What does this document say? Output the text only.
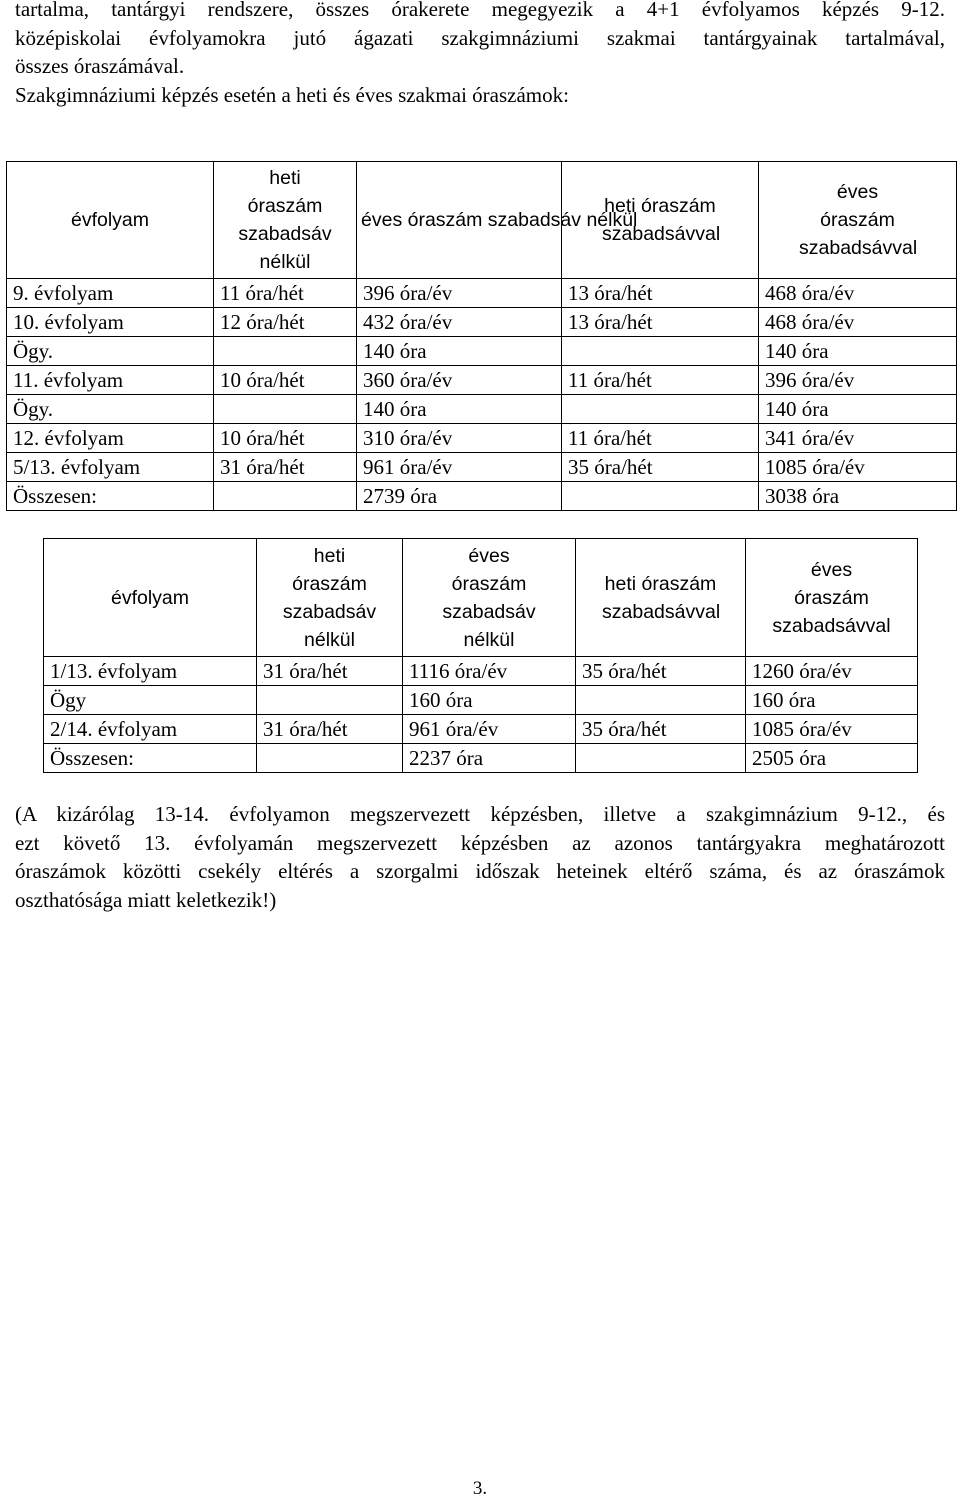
tartalma, tantárgyi rendszere, összes órakerete megegyezik a 4+1 évfolyamos képzés 9-12.
középiskolai évfolyamokra jutó ágazati szakgimnáziumi szakmai tantárgyainak tartalmával,
összes óraszámával.
Szakgimnáziumi képzés esetén a heti és éves szakmai óraszámok:
évfolyam	heti óraszám szabadsáv nélkül	éves óraszám szabadsáv nélkül	heti óraszám szabadsávval	éves óraszám szabadsávval
9. évfolyam	11 óra/hét	396 óra/év	13 óra/hét	468 óra/év
10. évfolyam	12 óra/hét	432 óra/év	13 óra/hét	468 óra/év
Ögy.		140 óra		140 óra
11. évfolyam	10 óra/hét	360 óra/év	11 óra/hét	396 óra/év
Ögy.		140 óra		140 óra
12. évfolyam	10 óra/hét	310 óra/év	11 óra/hét	341 óra/év
5/13. évfolyam	31 óra/hét	961 óra/év	35 óra/hét	1085 óra/év
Összesen:		2739 óra		3038 óra
évfolyam	heti óraszám szabadsáv nélkül	éves óraszám szabadsáv nélkül	heti óraszám szabadsávval	éves óraszám szabadsávval
1/13. évfolyam	31 óra/hét	1116 óra/év	35 óra/hét	1260 óra/év
Ögy		160 óra		160 óra
2/14. évfolyam	31 óra/hét	961 óra/év	35 óra/hét	1085 óra/év
Összesen:		2237 óra		2505 óra
(A kizárólag 13-14. évfolyamon megszervezett képzésben, illetve a szakgimnázium 9-12., és
ezt követő 13. évfolyamán megszervezett képzésben az azonos tantárgyakra meghatározott
óraszámok közötti csekély eltérés a szorgalmi időszak heteinek eltérő száma, és az óraszámok
oszthatósága miatt keletkezik!)
3.
